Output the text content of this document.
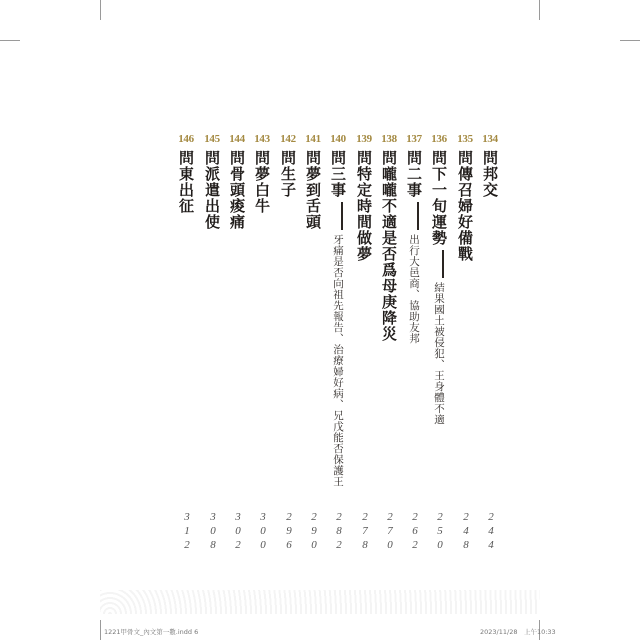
134
問邦交
244
135
問傳召婦好備戰
248
136
問下一旬運勢結果國土被侵犯、王身體不適
250
137
問二事出行大邑商、協助友邦
262
138
問嚨嚨不適是否爲母庚降災
270
139
問特定時間做夢
278
140
問三事牙痛是否向祖先報告、治療婦好病、兄戊能否保護王
282
141
問夢到舌頭
290
142
問生子
296
143
問夢白牛
300
144
問骨頭痠痛
302
145
問派遣出使
308
146
問東出征
312
1221甲骨文_內文第一數.indd 6	2023/11/28　上午10:33
